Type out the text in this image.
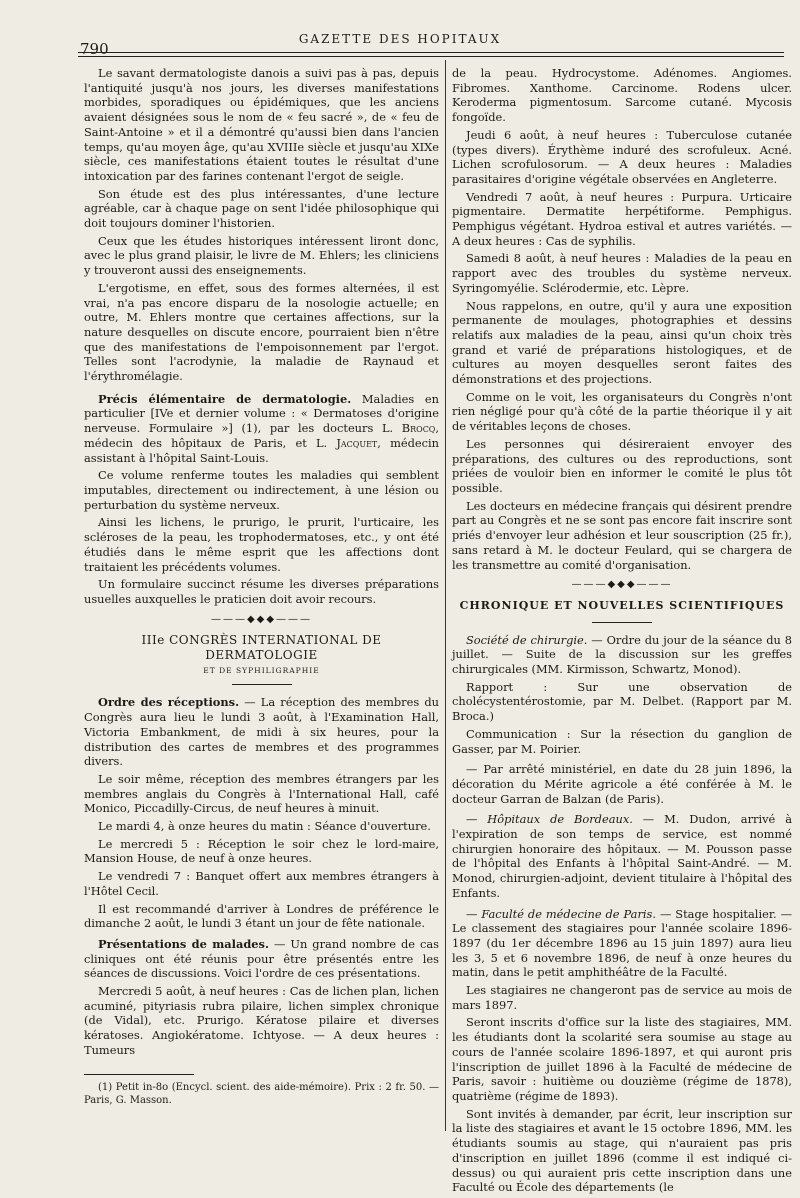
790
GAZETTE DES HOPITAUX

Le savant dermatologiste danois a suivi pas à pas, depuis l'antiquité jusqu'à nos jours, les diverses manifestations morbides, sporadiques ou épidémiques, que les anciens avaient désignées sous le nom de « feu sacré », de « feu de Saint-Antoine » et il a démontré qu'aussi bien dans l'ancien temps, qu'au moyen âge, qu'au XVIIIe siècle et jusqu'au XIXe siècle, ces manifestations étaient toutes le résultat d'une intoxication par des farines contenant l'ergot de seigle.

Son étude est des plus intéressantes, d'une lecture agréable, car à chaque page on sent l'idée philosophique qui doit toujours dominer l'historien.

Ceux que les études historiques intéressent liront donc, avec le plus grand plaisir, le livre de M. Ehlers; les cliniciens y trouveront aussi des enseignements.

L'ergotisme, en effet, sous des formes alternées, il est vrai, n'a pas encore disparu de la nosologie actuelle; en outre, M. Ehlers montre que certaines affections, sur la nature desquelles on discute encore, pourraient bien n'être que des manifestations de l'empoisonnement par l'ergot. Telles sont l'acrodynie, la maladie de Raynaud et l'érythromélagie.

Précis élémentaire de dermatologie. Maladies en particulier [IVe et dernier volume : « Dermatoses d'origine nerveuse. Formulaire »] (1), par les docteurs L. Brocq, médecin des hôpitaux de Paris, et L. Jacquet, médecin assistant à l'hôpital Saint-Louis.

Ce volume renferme toutes les maladies qui semblent imputables, directement ou indirectement, à une lésion ou perturbation du système nerveux.

Ainsi les lichens, le prurigo, le prurit, l'urticaire, les scléroses de la peau, les trophodermatoses, etc., y ont été étudiés dans le même esprit que les affections dont traitaient les précédents volumes.

Un formulaire succinct résume les diverses préparations usuelles auxquelles le praticien doit avoir recours.

———◆◆◆———
IIIe CONGRÈS INTERNATIONAL DE DERMATOLOGIE
ET DE SYPHILIGRAPHIE

Ordre des réceptions. — La réception des membres du Congrès aura lieu le lundi 3 août, à l'Examination Hall, Victoria Embankment, de midi à six heures, pour la distribution des cartes de membres et des programmes divers.

Le soir même, réception des membres étrangers par les membres anglais du Congrès à l'International Hall, café Monico, Piccadilly-Circus, de neuf heures à minuit.

Le mardi 4, à onze heures du matin : Séance d'ouverture.

Le mercredi 5 : Réception le soir chez le lord-maire, Mansion House, de neuf à onze heures.

Le vendredi 7 : Banquet offert aux membres étrangers à l'Hôtel Cecil.

Il est recommandé d'arriver à Londres de préférence le dimanche 2 août, le lundi 3 étant un jour de fête nationale.

Présentations de malades. — Un grand nombre de cas cliniques ont été réunis pour être présentés entre les séances de discussions. Voici l'ordre de ces présentations.

Mercredi 5 août, à neuf heures : Cas de lichen plan, lichen acuminé, pityriasis rubra pilaire, lichen simplex chronique (de Vidal), etc. Prurigo. Kératose pilaire et diverses kératoses. Angiokératome. Ichtyose. — A deux heures : Tumeurs

(1) Petit in-8o (Encycl. scient. des aide-mémoire). Prix : 2 fr. 50. — Paris, G. Masson.

de la peau. Hydrocystome. Adénomes. Angiomes. Fibromes. Xanthome. Carcinome. Rodens ulcer. Keroderma pigmentosum. Sarcome cutané. Mycosis fongoïde.

Jeudi 6 août, à neuf heures : Tuberculose cutanée (types divers). Érythème induré des scrofuleux. Acné. Lichen scrofulosorum. — A deux heures : Maladies parasitaires d'origine végétale observées en Angleterre.

Vendredi 7 août, à neuf heures : Purpura. Urticaire pigmentaire. Dermatite herpétiforme. Pemphigus. Pemphigus végétant. Hydroa estival et autres variétés. — A deux heures : Cas de syphilis.

Samedi 8 août, à neuf heures : Maladies de la peau en rapport avec des troubles du système nerveux. Syringomyélie. Sclérodermie, etc. Lèpre.

Nous rappelons, en outre, qu'il y aura une exposition permanente de moulages, photographies et dessins relatifs aux maladies de la peau, ainsi qu'un choix très grand et varié de préparations histologiques, et de cultures au moyen desquelles seront faites des démonstrations et des projections.

Comme on le voit, les organisateurs du Congrès n'ont rien négligé pour qu'à côté de la partie théorique il y ait de véritables leçons de choses.

Les personnes qui désireraient envoyer des préparations, des cultures ou des reproductions, sont priées de vouloir bien en informer le comité le plus tôt possible.

Les docteurs en médecine français qui désirent prendre part au Congrès et ne se sont pas encore fait inscrire sont priés d'envoyer leur adhésion et leur souscription (25 fr.), sans retard à M. le docteur Feulard, qui se chargera de les transmettre au comité d'organisation.

———◆◆◆———
CHRONIQUE ET NOUVELLES SCIENTIFIQUES

Société de chirurgie. — Ordre du jour de la séance du 8 juillet. — Suite de la discussion sur les greffes chirurgicales (MM. Kirmisson, Schwartz, Monod).

Rapport : Sur une observation de cholécystentérostomie, par M. Delbet. (Rapport par M. Broca.)

Communication : Sur la résection du ganglion de Gasser, par M. Poirier.

— Par arrêté ministériel, en date du 28 juin 1896, la décoration du Mérite agricole a été conférée à M. le docteur Garran de Balzan (de Paris).

— Hôpitaux de Bordeaux. — M. Dudon, arrivé à l'expiration de son temps de service, est nommé chirurgien honoraire des hôpitaux. — M. Pousson passe de l'hôpital des Enfants à l'hôpital Saint-André. — M. Monod, chirurgien-adjoint, devient titulaire à l'hôpital des Enfants.

— Faculté de médecine de Paris. — Stage hospitalier. — Le classement des stagiaires pour l'année scolaire 1896-1897 (du 1er décembre 1896 au 15 juin 1897) aura lieu les 3, 5 et 6 novembre 1896, de neuf à onze heures du matin, dans le petit amphithéâtre de la Faculté.

Les stagiaires ne changeront pas de service au mois de mars 1897.

Seront inscrits d'office sur la liste des stagiaires, MM. les étudiants dont la scolarité sera soumise au stage au cours de l'année scolaire 1896-1897, et qui auront pris l'inscription de juillet 1896 à la Faculté de médecine de Paris, savoir : huitième ou douzième (régime de 1878), quatrième (régime de 1893).

Sont invités à demander, par écrit, leur inscription sur la liste des stagiaires et avant le 15 octobre 1896, MM. les étudiants soumis au stage, qui n'auraient pas pris d'inscription en juillet 1896 (comme il est indiqué ci-dessus) ou qui auraient pris cette inscription dans une Faculté ou École des départements (le
